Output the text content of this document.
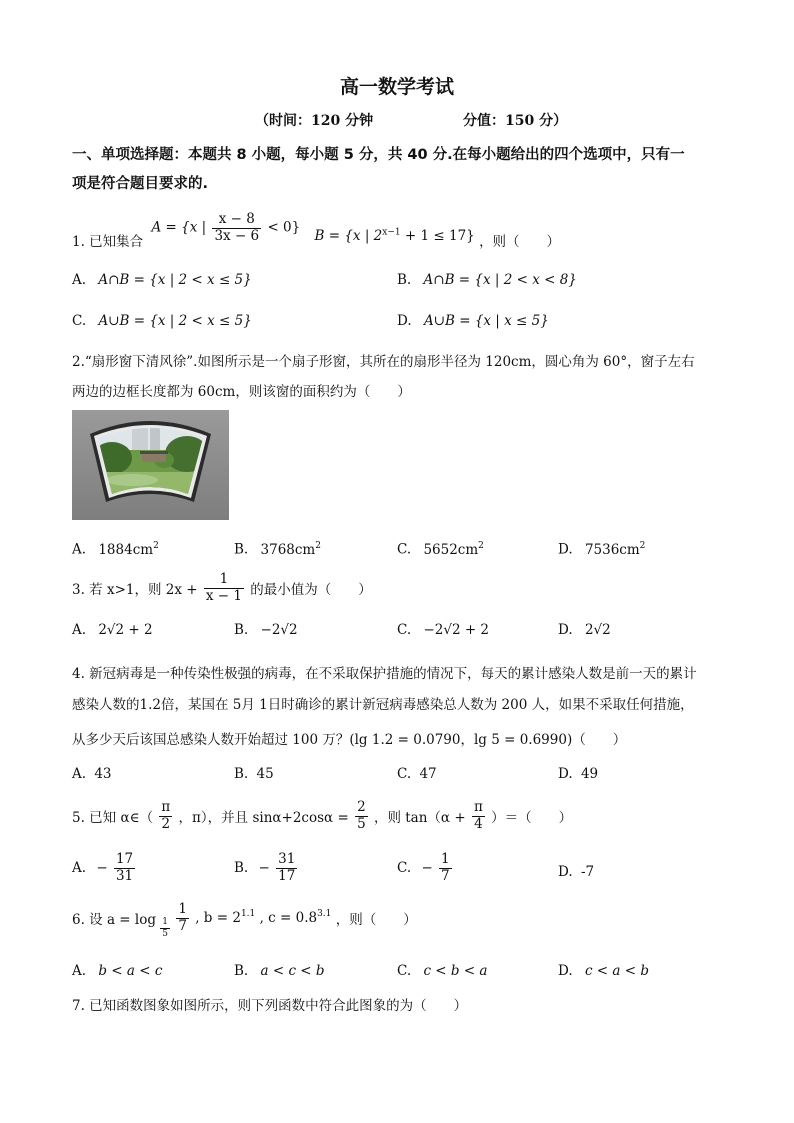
高一数学考试
（时间：120 分钟	分值：150 分）
一、单项选择题：本题共 8 小题，每小题 5 分，共 40 分.在每小题给出的四个选项中，只有一
项是符合题目要求的.
1. 已知集合 A = {x | $\frac{x - 8}{3x - 6} < 0$} B = {x | $2^{x-1} + 1 \le 17$} ，则（　　）
A. A∩B = {x | 2 < x ≤ 5}	B. A∩B = {x | 2 < x < 8}
C. A∪B = {x | 2 < x ≤ 5}	D. A∪B = {x | x ≤ 5}
2.“扇形窗下清风徐”.如图所示是一个扇子形窗，其所在的扇形半径为 120cm，圆心角为 60°，窗子左右
两边的边框长度都为 60cm，则该窗的面积约为（　　）
A. $1884cm^2$	B. $3768cm^2$	C. $5652cm^2$	D. $7536cm^2$
3. 若 x>1，则 $2x + \frac{1}{x - 1}$ 的最小值为（　　）
A. 2√2 + 2	B. −2√2	C. −2√2 + 2	D. 2√2
4. 新冠病毒是一种传染性极强的病毒，在不采取保护措施的情况下，每天的累计感染人数是前一天的累计
感染人数的1.2倍，某国在 5月 1日时确诊的累计新冠病毒感染总人数为 200 人，如果不采取任何措施，
从多少天后该国总感染人数开始超过 100 万？(lg 1.2 = 0.0790，lg 5 = 0.6990)（　　）
A. 43	B. 45	C. 47	D. 49
5. 已知 α∈（ $\frac{\pi}{2}$ ，π），并且 $\sin\alpha+2\cos\alpha = \frac{2}{5}$ ，则 $\tan(\alpha + \frac{\pi}{4}$ ）＝（　　）
A. − $\frac{17}{31}$	B. − $\frac{31}{17}$	C. − $\frac{1}{7}$	D. -7
6. 设 $a = \log \frac{1}{5}$
$\frac{1}{7}$ , $b = 2^{1.1}$ , $c = 0.8^{3.1}$ ，则（　　）
A. b < a < c	B. a < c < b	C. c < b < a	D. c < a < b
7. 已知函数图象如图所示，则下列函数中符合此图象的为（　　）
